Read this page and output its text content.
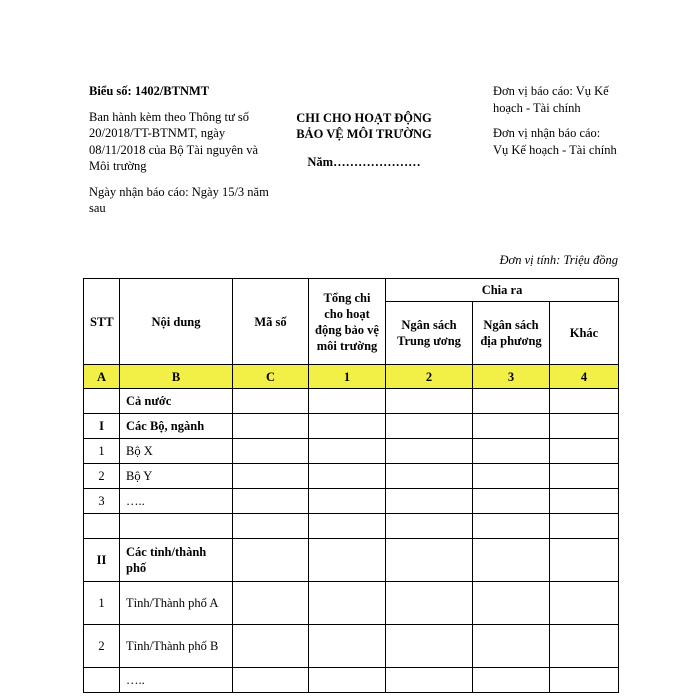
Biểu số: 1402/BTNMT
Ban hành kèm theo Thông tư số 20/2018/TT-BTNMT, ngày 08/11/2018 của Bộ Tài nguyên và Môi trường
Ngày nhận báo cáo: Ngày 15/3 năm sau
CHI CHO HOẠT ĐỘNG BẢO VỆ MÔI TRƯỜNG
Năm…………………
Đơn vị báo cáo: Vụ Kế hoạch - Tài chính
Đơn vị nhận báo cáo: Vụ Kế hoạch - Tài chính
Đơn vị tính: Triệu đồng
STT	Nội dung	Mã số	Tổng chi cho hoạt động bảo vệ môi trường	Chia ra		
				Ngân sách Trung ương	Ngân sách địa phương	Khác
A	B	C	1	2	3	4
	Cả nước					
I	Các Bộ, ngành					
1	Bộ X					
2	Bộ Y					
3	…..					

II	Các tỉnh/thành phố					
1	Tỉnh/Thành phố A					
2	Tỉnh/Thành phố B					
	…..					
